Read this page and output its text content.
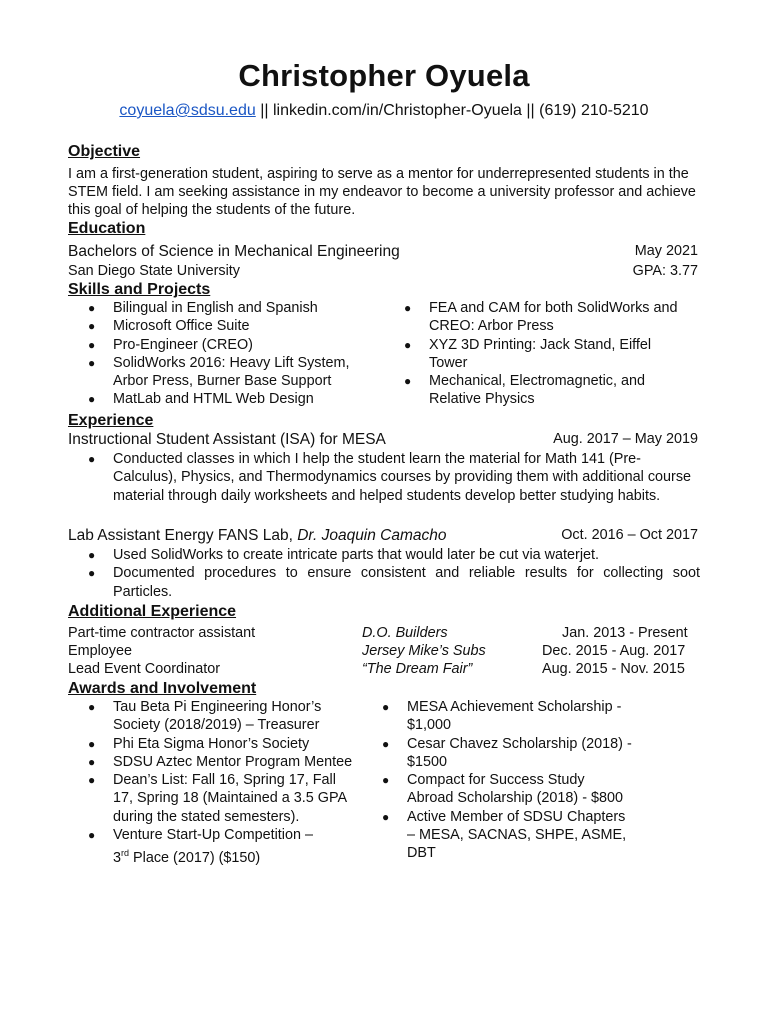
Christopher Oyuela
coyuela@sdsu.edu || linkedin.com/in/Christopher-Oyuela || (619) 210-5210
Objective

I am a first-generation student, aspiring to serve as a mentor for underrepresented students in the STEM field. I am seeking assistance in my endeavor to become a university professor and achieve this goal of helping the students of the future.

Education
Bachelors of Science in Mechanical Engineering	May 2021
San Diego State University	GPA: 3.77
Skills and Projects
● Bilingual in English and Spanish
● Microsoft Office Suite
● Pro-Engineer (CREO)
● SolidWorks 2016: Heavy Lift System, Arbor Press, Burner Base Support
● MatLab and HTML Web Design
● FEA and CAM for both SolidWorks and CREO: Arbor Press
● XYZ 3D Printing: Jack Stand, Eiffel Tower
● Mechanical, Electromagnetic, and Relative Physics
Experience
Instructional Student Assistant (ISA) for MESA	Aug. 2017 – May 2019
● Conducted classes in which I help the student learn the material for Math 141 (Pre-Calculus), Physics, and Thermodynamics courses by providing them with additional course material through daily worksheets and helped students develop better studying habits.
Lab Assistant Energy FANS Lab, Dr. Joaquin Camacho	Oct. 2016 – Oct 2017
● Used SolidWorks to create intricate parts that would later be cut via waterjet.
● Documented procedures to ensure consistent and reliable results for collecting soot Particles.
Additional Experience
Part-time contractor assistant	D.O. Builders	Jan. 2013 - Present
Employee	Jersey Mike’s Subs	Dec. 2015 - Aug. 2017
Lead Event Coordinator	“The Dream Fair”	Aug. 2015 - Nov. 2015
Awards and Involvement
● Tau Beta Pi Engineering Honor’s Society (2018/2019) – Treasurer
● Phi Eta Sigma Honor’s Society
● SDSU Aztec Mentor Program Mentee
● Dean’s List: Fall 16, Spring 17, Fall 17, Spring 18 (Maintained a 3.5 GPA during the stated semesters).
● Venture Start-Up Competition –
3rd Place (2017) ($150)
● MESA Achievement Scholarship - $1,000
● Cesar Chavez Scholarship (2018) - $1500
● Compact for Success Study Abroad Scholarship (2018) - $800
● Active Member of SDSU Chapters – MESA, SACNAS, SHPE, ASME, DBT
